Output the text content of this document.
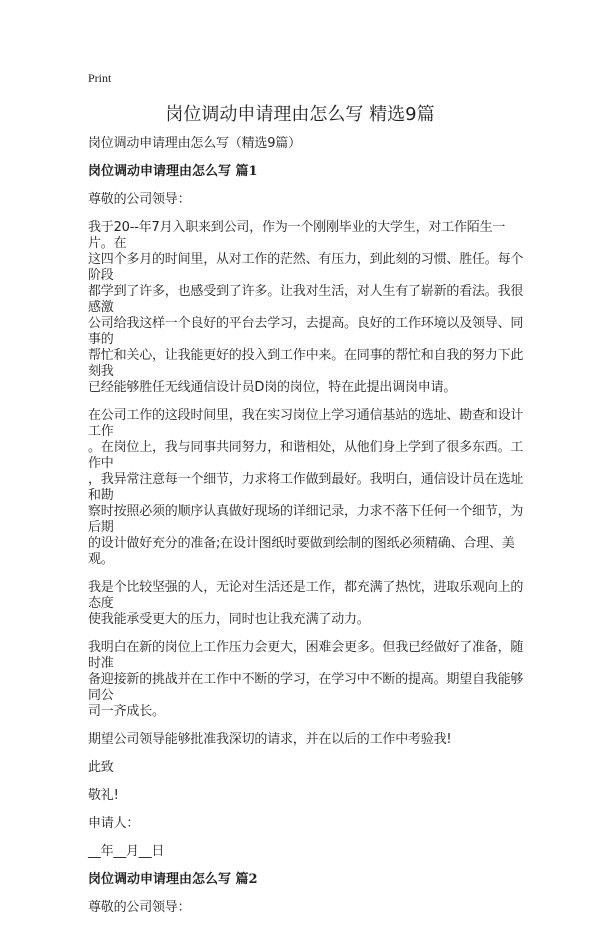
Print
岗位调动申请理由怎么写 精选9篇

岗位调动申请理由怎么写（精选9篇）

岗位调动申请理由怎么写 篇1

尊敬的公司领导：

我于20--年7月入职来到公司，作为一个刚刚毕业的大学生，对工作陌生一片。在
这四个多月的时间里，从对工作的茫然、有压力，到此刻的习惯、胜任。每个阶段
都学到了许多，也感受到了许多。让我对生活，对人生有了崭新的看法。我很感激
公司给我这样一个良好的平台去学习，去提高。良好的工作环境以及领导、同事的
帮忙和关心，让我能更好的投入到工作中来。在同事的帮忙和自我的努力下此刻我
已经能够胜任无线通信设计员D岗的岗位，特在此提出调岗申请。

在公司工作的这段时间里，我在实习岗位上学习通信基站的选址、勘查和设计工作
。在岗位上，我与同事共同努力，和谐相处，从他们身上学到了很多东西。工作中
，我异常注意每一个细节，力求将工作做到最好。我明白，通信设计员在选址和勘
察时按照必须的顺序认真做好现场的详细记录，力求不落下任何一个细节，为后期
的设计做好充分的准备;在设计图纸时要做到绘制的图纸必须精确、合理、美观。

我是个比较坚强的人，无论对生活还是工作，都充满了热忱，进取乐观向上的态度
使我能承受更大的压力，同时也让我充满了动力。

我明白在新的岗位上工作压力会更大，困难会更多。但我已经做好了准备，随时准
备迎接新的挑战并在工作中不断的学习，在学习中不断的提高。期望自我能够同公
司一齐成长。

期望公司领导能够批准我深切的请求，并在以后的工作中考验我!

此致

敬礼!

申请人：

__年__月__日

岗位调动申请理由怎么写 篇2

尊敬的公司领导：
